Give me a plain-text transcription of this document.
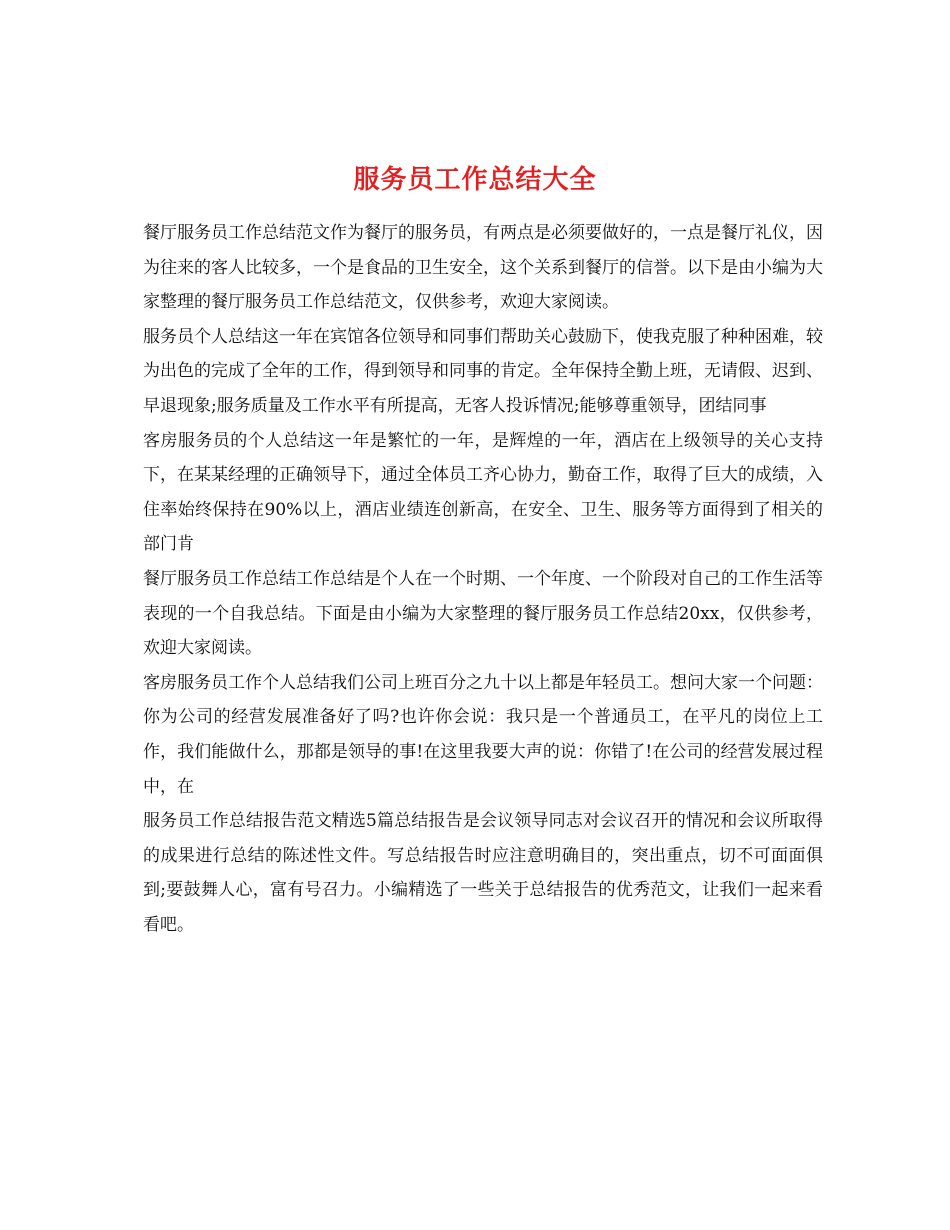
服务员工作总结大全

餐厅服务员工作总结范文作为餐厅的服务员，有两点是必须要做好的，一点是餐厅礼仪，因为往来的客人比较多，一个是食品的卫生安全，这个关系到餐厅的信誉。以下是由小编为大家整理的餐厅服务员工作总结范文，仅供参考，欢迎大家阅读。

服务员个人总结这一年在宾馆各位领导和同事们帮助关心鼓励下，使我克服了种种困难，较为出色的完成了全年的工作，得到领导和同事的肯定。全年保持全勤上班，无请假、迟到、早退现象;服务质量及工作水平有所提高，无客人投诉情况;能够尊重领导，团结同事

客房服务员的个人总结这一年是繁忙的一年，是辉煌的一年，酒店在上级领导的关心支持下，在某某经理的正确领导下，通过全体员工齐心协力，勤奋工作，取得了巨大的成绩，入住率始终保持在90%以上，酒店业绩连创新高，在安全、卫生、服务等方面得到了相关的部门肯

餐厅服务员工作总结工作总结是个人在一个时期、一个年度、一个阶段对自己的工作生活等表现的一个自我总结。下面是由小编为大家整理的餐厅服务员工作总结20xx，仅供参考，欢迎大家阅读。

客房服务员工作个人总结我们公司上班百分之九十以上都是年轻员工。想问大家一个问题：你为公司的经营发展准备好了吗?也许你会说：我只是一个普通员工，在平凡的岗位上工作，我们能做什么，那都是领导的事!在这里我要大声的说：你错了!在公司的经营发展过程中，在

服务员工作总结报告范文精选5篇总结报告是会议领导同志对会议召开的情况和会议所取得的成果进行总结的陈述性文件。写总结报告时应注意明确目的，突出重点，切不可面面俱到;要鼓舞人心，富有号召力。小编精选了一些关于总结报告的优秀范文，让我们一起来看看吧。
